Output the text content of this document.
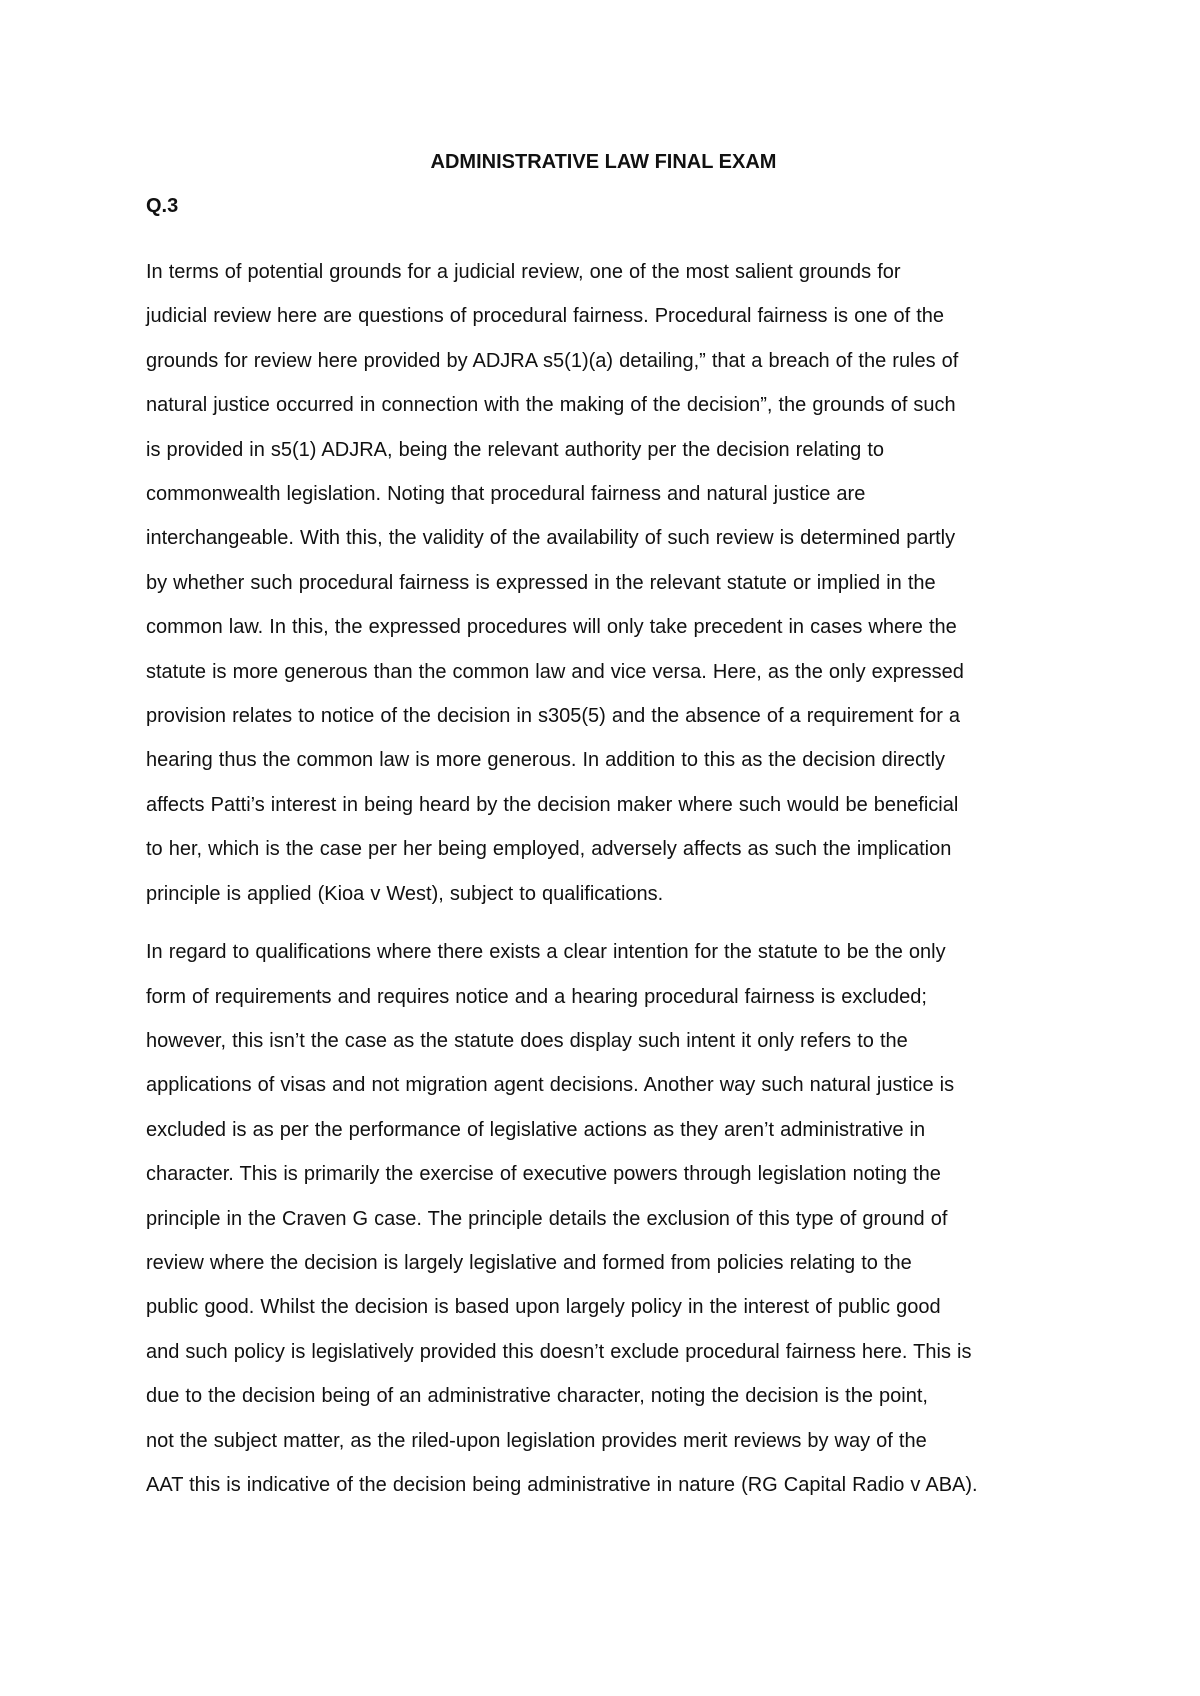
ADMINISTRATIVE LAW FINAL EXAM
Q.3

In terms of potential grounds for a judicial review, one of the most salient grounds for
judicial review here are questions of procedural fairness. Procedural fairness is one of the
grounds for review here provided by ADJRA s5(1)(a) detailing,” that a breach of the rules of
natural justice occurred in connection with the making of the decision”, the grounds of such
is provided in s5(1) ADJRA, being the relevant authority per the decision relating to
commonwealth legislation. Noting that procedural fairness and natural justice are
interchangeable. With this, the validity of the availability of such review is determined partly
by whether such procedural fairness is expressed in the relevant statute or implied in the
common law. In this, the expressed procedures will only take precedent in cases where the
statute is more generous than the common law and vice versa. Here, as the only expressed
provision relates to notice of the decision in s305(5) and the absence of a requirement for a
hearing thus the common law is more generous. In addition to this as the decision directly
affects Patti’s interest in being heard by the decision maker where such would be beneficial
to her, which is the case per her being employed, adversely affects as such the implication
principle is applied (Kioa v West), subject to qualifications.

In regard to qualifications where there exists a clear intention for the statute to be the only
form of requirements and requires notice and a hearing procedural fairness is excluded;
however, this isn’t the case as the statute does display such intent it only refers to the
applications of visas and not migration agent decisions. Another way such natural justice is
excluded is as per the performance of legislative actions as they aren’t administrative in
character. This is primarily the exercise of executive powers through legislation noting the
principle in the Craven G case. The principle details the exclusion of this type of ground of
review where the decision is largely legislative and formed from policies relating to the
public good. Whilst the decision is based upon largely policy in the interest of public good
and such policy is legislatively provided this doesn’t exclude procedural fairness here. This is
due to the decision being of an administrative character, noting the decision is the point,
not the subject matter, as the riled-upon legislation provides merit reviews by way of the
AAT this is indicative of the decision being administrative in nature (RG Capital Radio v ABA).
